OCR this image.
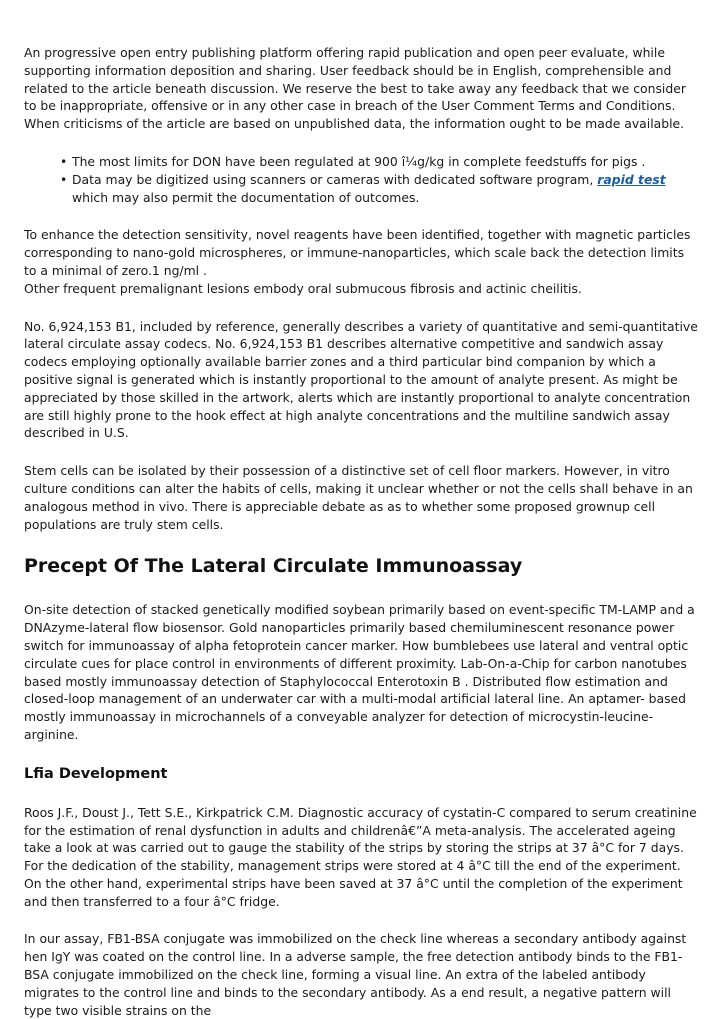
An progressive open entry publishing platform offering rapid publication and open peer evaluate, while supporting information deposition and sharing. User feedback should be in English, comprehensible and related to the article beneath discussion. We reserve the best to take away any feedback that we consider to be inappropriate, offensive or in any other case in breach of the User Comment Terms and Conditions. When criticisms of the article are based on unpublished data, the information ought to be made available.

• The most limits for DON have been regulated at 900 î¼g/kg in complete feedstuffs for pigs .
• Data may be digitized using scanners or cameras with dedicated software program, rapid test
which may also permit the documentation of outcomes.

To enhance the detection sensitivity, novel reagents have been identified, together with magnetic particles corresponding to nano-gold microspheres, or immune-nanoparticles, which scale back the detection limits to a minimal of zero.1 ng/ml .

Other frequent premalignant lesions embody oral submucous fibrosis and actinic cheilitis.

No. 6,924,153 B1, included by reference, generally describes a variety of quantitative and semi-quantitative lateral circulate assay codecs. No. 6,924,153 B1 describes alternative competitive and sandwich assay codecs employing optionally available barrier zones and a third particular bind companion by which a positive signal is generated which is instantly proportional to the amount of analyte present. As might be appreciated by those skilled in the artwork, alerts which are instantly proportional to analyte concentration are still highly prone to the hook effect at high analyte concentrations and the multiline sandwich assay described in U.S.

Stem cells can be isolated by their possession of a distinctive set of cell floor markers. However, in vitro culture conditions can alter the habits of cells, making it unclear whether or not the cells shall behave in an analogous method in vivo. There is appreciable debate as as to whether some proposed grownup cell populations are truly stem cells.

Precept Of The Lateral Circulate Immunoassay

On-site detection of stacked genetically modified soybean primarily based on event-specific TM-LAMP and a DNAzyme-lateral flow biosensor. Gold nanoparticles primarily based chemiluminescent resonance power switch for immunoassay of alpha fetoprotein cancer marker. How bumblebees use lateral and ventral optic circulate cues for place control in environments of different proximity. Lab-On-a-Chip for carbon nanotubes based mostly immunoassay detection of Staphylococcal Enterotoxin B . Distributed flow estimation and closed-loop management of an underwater car with a multi-modal artificial lateral line. An aptamer- based mostly immunoassay in microchannels of a conveyable analyzer for detection of microcystin-leucine-arginine.

Lfia Development

Roos J.F., Doust J., Tett S.E., Kirkpatrick C.M. Diagnostic accuracy of cystatin-C compared to serum creatinine for the estimation of renal dysfunction in adults and childrenâ€”A meta-analysis. The accelerated ageing take a look at was carried out to gauge the stability of the strips by storing the strips at 37 â°C for 7 days. For the dedication of the stability, management strips were stored at 4 â°C till the end of the experiment. On the other hand, experimental strips have been saved at 37 â°C until the completion of the experiment and then transferred to a four â°C fridge.

In our assay, FB1-BSA conjugate was immobilized on the check line whereas a secondary antibody against hen IgY was coated on the control line. In a adverse sample, the free detection antibody binds to the FB1-BSA conjugate immobilized on the check line, forming a visual line. An extra of the labeled antibody migrates to the control line and binds to the secondary antibody. As a end result, a negative pattern will type two visible strains on the
